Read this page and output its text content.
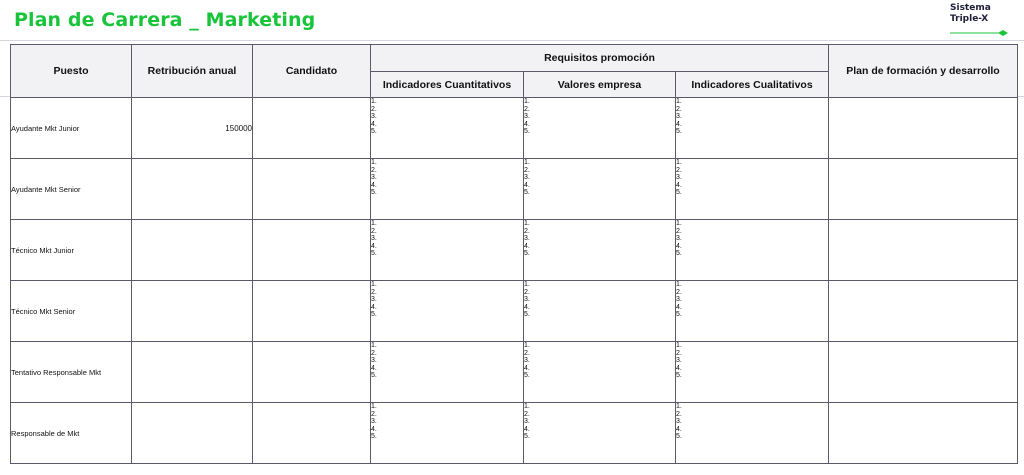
Plan de Carrera _ Marketing
Sistema
Triple-X
Puesto	Retribución anual	Candidato	Requisitos promoción			Plan de formación y desarrollo
			Indicadores Cuantitativos	Valores empresa	Indicadores Cualitativos	
Ayudante Mkt Junior	150000		1.
2.
3.
4.
5.	1.
2.
3.
4.
5.	1.
2.
3.
4.
5.	

Ayudante Mkt Senior			1.
2.
3.
4.
5.	1.
2.
3.
4.
5.	1.
2.
3.
4.
5.	

Técnico Mkt Junior			1.
2.
3.
4.
5.	1.
2.
3.
4.
5.	1.
2.
3.
4.
5.	

Técnico Mkt Senior			1.
2.
3.
4.
5.	1.
2.
3.
4.
5.	1.
2.
3.
4.
5.	

Tentativo Responsable Mkt			1.
2.
3.
4.
5.	1.
2.
3.
4.
5.	1.
2.
3.
4.
5.	

Responsable de Mkt			1.
2.
3.
4.
5.	1.
2.
3.
4.
5.	1.
2.
3.
4.
5.	
